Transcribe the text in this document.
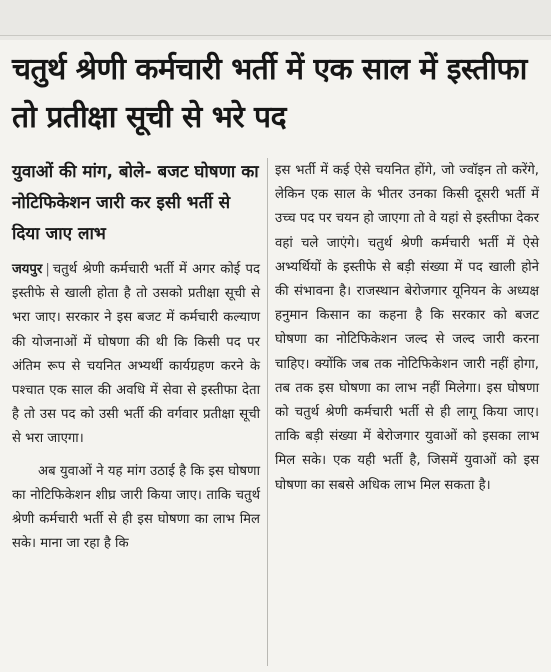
चतुर्थ श्रेणी कर्मचारी भर्ती में एक साल में इस्तीफा तो प्रतीक्षा सूची से भरे पद
युवाओं की मांग, बोले- बजट घोषणा का नोटिफिकेशन जारी कर इसी भर्ती से दिया जाए लाभ

जयपुर | चतुर्थ श्रेणी कर्मचारी भर्ती में अगर कोई पद इस्तीफे से खाली होता है तो उसको प्रतीक्षा सूची से भरा जाए। सरकार ने इस बजट में कर्मचारी कल्याण की योजनाओं में घोषणा की थी कि किसी पद पर अंतिम रूप से चयनित अभ्यर्थी कार्यग्रहण करने के पश्चात एक साल की अवधि में सेवा से इस्तीफा देता है तो उस पद को उसी भर्ती की वर्गवार प्रतीक्षा सूची से भरा जाएगा।

अब युवाओं ने यह मांग उठाई है कि इस घोषणा का नोटिफिकेशन शीघ्र जारी किया जाए। ताकि चतुर्थ श्रेणी कर्मचारी भर्ती से ही इस घोषणा का लाभ मिल सके। माना जा रहा है कि

इस भर्ती में कई ऐसे चयनित होंगे, जो ज्वॉइन तो करेंगे, लेकिन एक साल के भीतर उनका किसी दूसरी भर्ती में उच्च पद पर चयन हो जाएगा तो वे यहां से इस्तीफा देकर वहां चले जाएंगे। चतुर्थ श्रेणी कर्मचारी भर्ती में ऐसे अभ्यर्थियों के इस्तीफे से बड़ी संख्या में पद खाली होने की संभावना है। राजस्थान बेरोजगार यूनियन के अध्यक्ष हनुमान किसान का कहना है कि सरकार को बजट घोषणा का नोटिफिकेशन जल्द से जल्द जारी करना चाहिए। क्योंकि जब तक नोटिफिकेशन जारी नहीं होगा, तब तक इस घोषणा का लाभ नहीं मिलेगा। इस घोषणा को चतुर्थ श्रेणी कर्मचारी भर्ती से ही लागू किया जाए। ताकि बड़ी संख्या में बेरोजगार युवाओं को इसका लाभ मिल सके। एक यही भर्ती है, जिसमें युवाओं को इस घोषणा का सबसे अधिक लाभ मिल सकता है।
